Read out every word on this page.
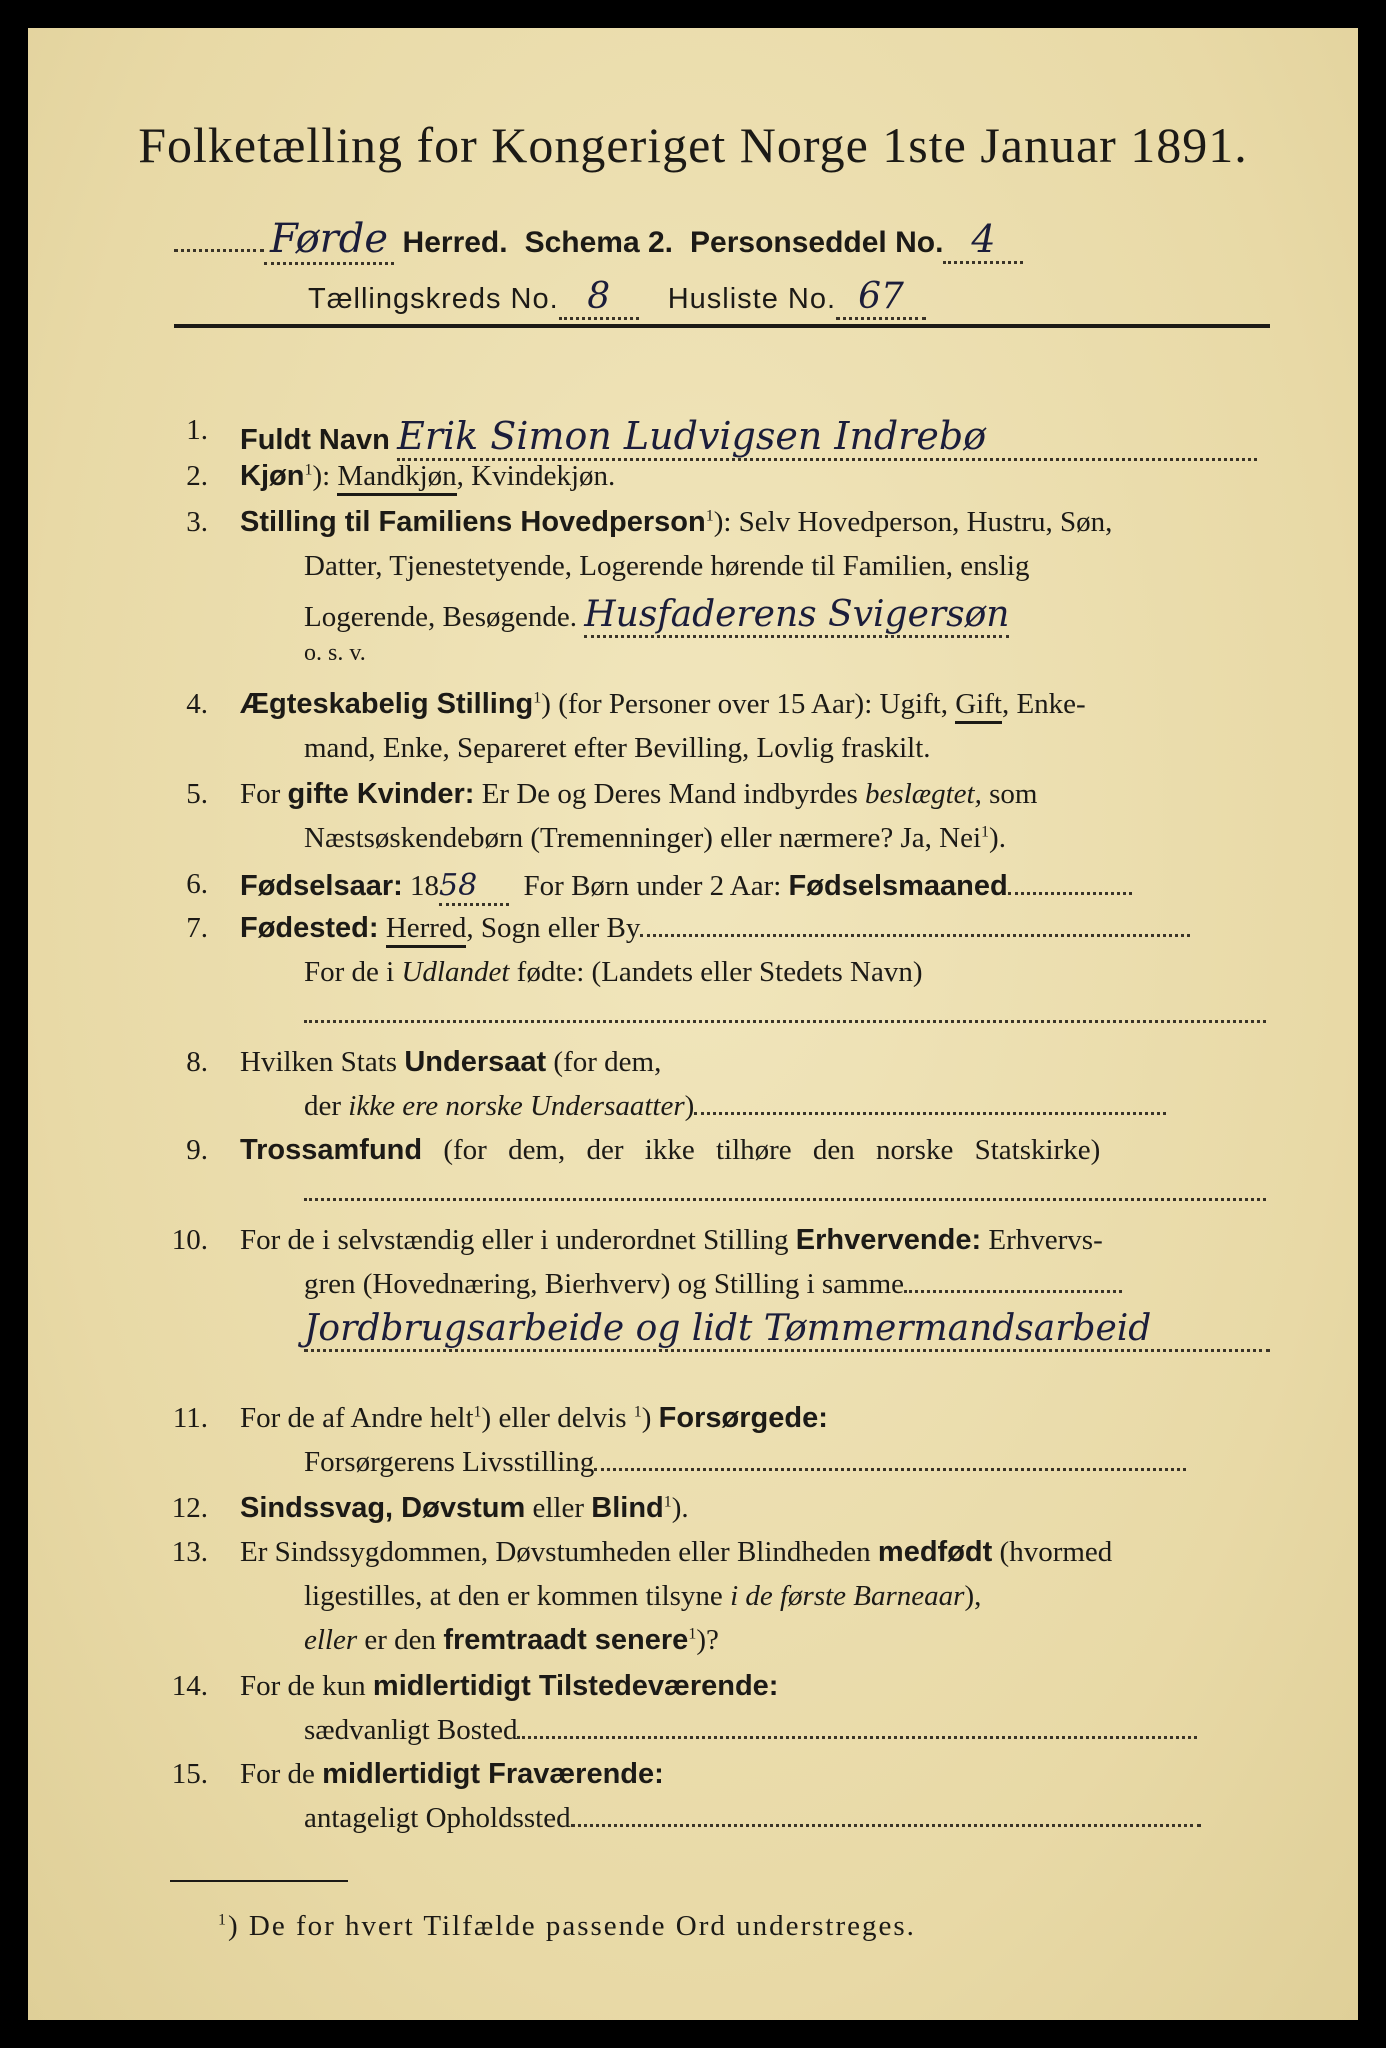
Folketælling for Kongeriget Norge 1ste Januar 1891.
Førde Herred. Schema 2. Personseddel No. 4
Tællingskreds No. 8 Husliste No. 67
1. Fuldt Navn Erik Simon Ludvigsen Indrebø
2. Kjøn$^1$): Mandkjøn, Kvindekjøn.
3. Stilling til Familiens Hovedperson$^1$): Selv Hovedperson, Hustru, Søn,
Datter, Tjenestetyende, Logerende hørende til Familien, enslig
Logerende, Besøgende. Husfaderens Svigersøn
o. s. v.
4. Ægteskabelig Stilling$^1$) (for Personer over 15 Aar): Ugift, Gift, Enke-
mand, Enke, Separeret efter Bevilling, Lovlig fraskilt.
5. For gifte Kvinder: Er De og Deres Mand indbyrdes beslægtet, som
Næstsøskendebørn (Tremenninger) eller nærmere? Ja, Nei$^1$).
6. Fødselsaar: 1858 For Børn under 2 Aar: Fødselsmaaned
7. Fødested: Herred, Sogn eller By
For de i Udlandet fødte: (Landets eller Stedets Navn)
8. Hvilken Stats Undersaat (for dem,
der ikke ere norske Undersaatter)
9. Trossamfund (for dem, der ikke tilhøre den norske Statskirke)
10. For de i selvstændig eller i underordnet Stilling Erhvervende: Erhvervs-
gren (Hovednæring, Bierhverv) og Stilling i samme
Jordbrugsarbeide og lidt Tømmermandsarbeid
11. For de af Andre helt$^1$) eller delvis $^1$) Forsørgede:
Forsørgerens Livsstilling
12. Sindssvag, Døvstum eller Blind$^1$).
13. Er Sindssygdommen, Døvstumheden eller Blindheden medfødt (hvormed
ligestilles, at den er kommen tilsyne i de første Barneaar),
eller er den fremtraadt senere$^1$)?
14. For de kun midlertidigt Tilstedeværende:
sædvanligt Bosted
15. For de midlertidigt Fraværende:
antageligt Opholdssted
$^1$) De for hvert Tilfælde passende Ord understreges.
